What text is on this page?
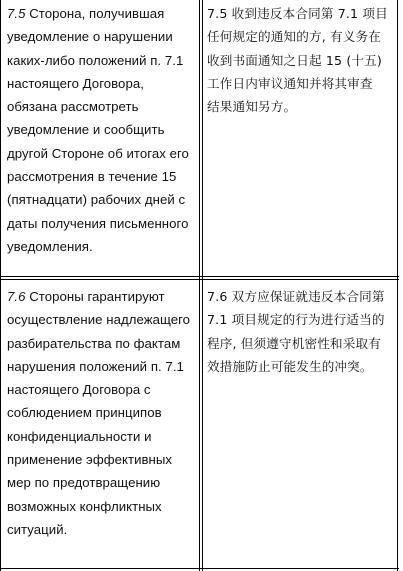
7.5 Сторона, получившая
уведомление о нарушении
каких-либо положений п. 7.1
настоящего Договора,
обязана рассмотреть
уведомление и сообщить
другой Стороне об итогах его
рассмотрения в течение 15
(пятнадцати) рабочих дней с
даты получения письменного
уведомления.
7.5 收到违反本合同第 7.1 项目
任何规定的通知的方, 有义务在
收到书面通知之日起 15 (十五)
工作日内审议通知并将其审查
结果通知另方。
7.6 Стороны гарантируют
осуществление надлежащего
разбирательства по фактам
нарушения положений п. 7.1
настоящего Договора с
соблюдением принципов
конфиденциальности и
применение эффективных
мер по предотвращению
возможных конфликтных
ситуаций.
7.6 双方应保证就违反本合同第
7.1 项目规定的行为进行适当的
程序, 但须遵守机密性和采取有
效措施防止可能发生的冲突。
